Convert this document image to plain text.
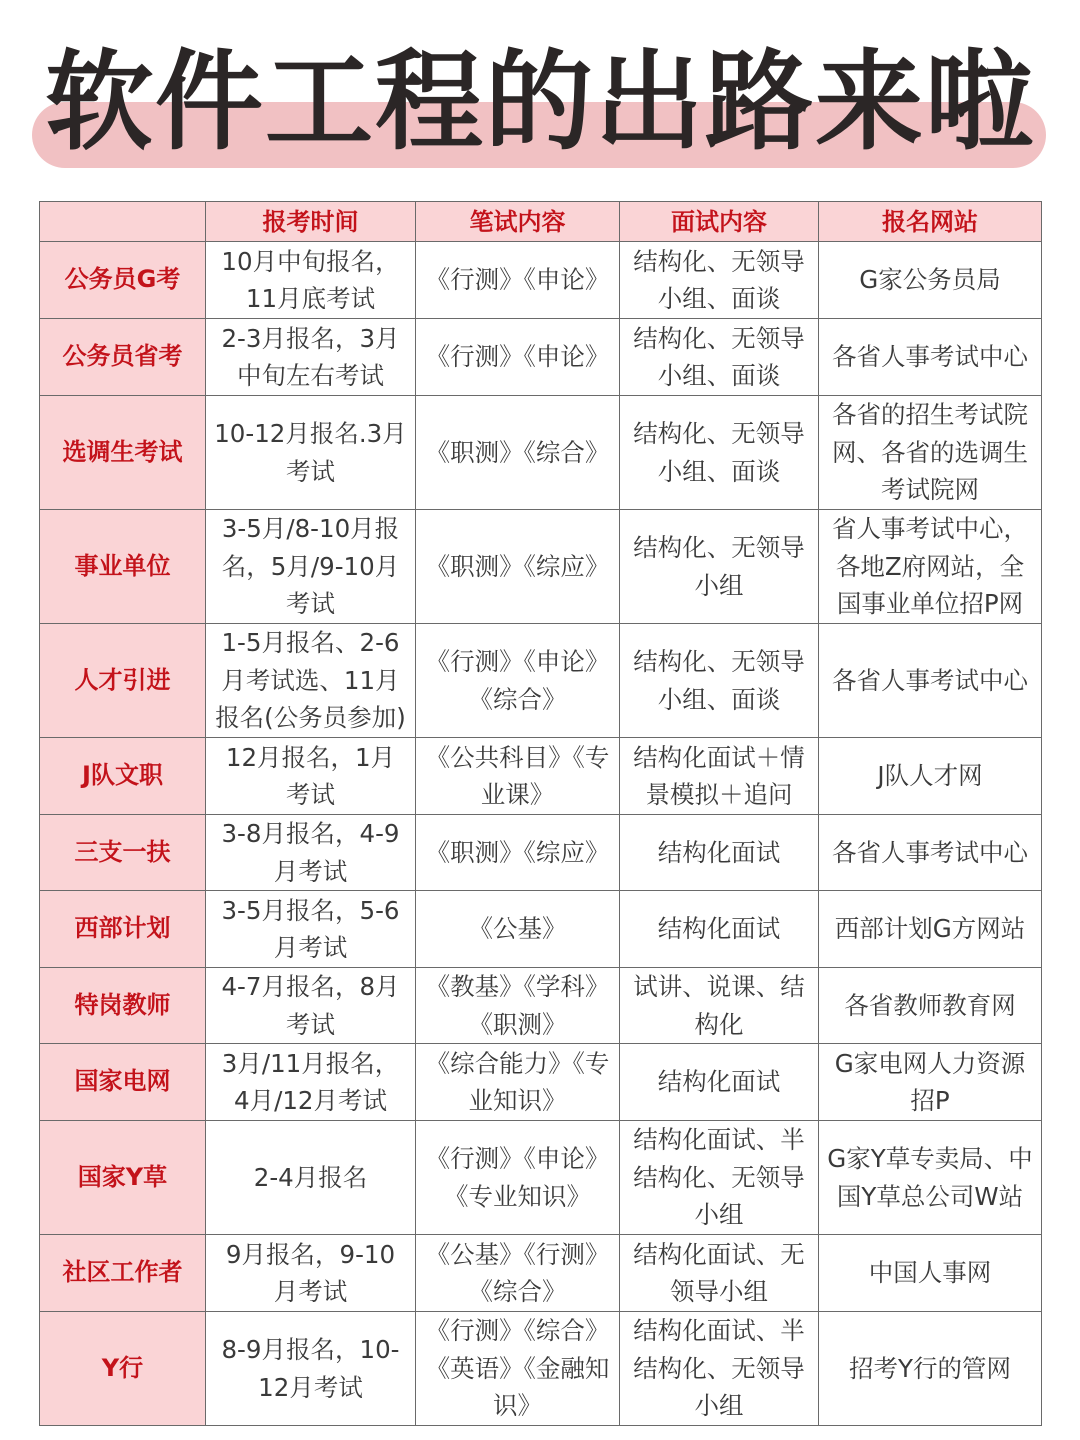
软件工程的出路来啦
	报考时间	笔试内容	面试内容	报名网站

公务员G考	10月中旬报名，11月底考试	《行测》《申论》	结构化、无领导小组、面谈	G家公务员局

公务员省考	2-3月报名，3月中旬左右考试	《行测》《申论》	结构化、无领导小组、面谈	各省人事考试中心

选调生考试	10-12月报名.3月考试	《职测》《综合》	结构化、无领导小组、面谈	各省的招生考试院网、各省的选调生考试院网

事业单位	3-5月/8-10月报名，5月/9-10月考试	《职测》《综应》	结构化、无领导小组	省人事考试中心，各地Z府网站，全国事业单位招P网

人才引进	1-5月报名、2-6月考试选、11月报名(公务员参加)	《行测》《申论》《综合》	结构化、无领导小组、面谈	各省人事考试中心

J队文职	12月报名，1月考试	《公共科目》《专业课》	结构化面试＋情景模拟＋追问	J队人才网

三支一扶	3-8月报名，4-9月考试	《职测》《综应》	结构化面试	各省人事考试中心

西部计划	3-5月报名，5-6月考试	《公基》	结构化面试	西部计划G方网站

特岗教师	4-7月报名，8月考试	《教基》《学科》《职测》	试讲、说课、结构化	各省教师教育网

国家电网	3月/11月报名，4月/12月考试	《综合能力》《专业知识》	结构化面试	G家电网人力资源招P

国家Y草	2-4月报名	《行测》《申论》《专业知识》	结构化面试、半结构化、无领导小组	G家Y草专卖局、中国Y草总公司W站

社区工作者	9月报名，9-10月考试	《公基》《行测》《综合》	结构化面试、无领导小组	中国人事网

Y行	8-9月报名，10-12月考试	《行测》《综合》《英语》《金融知识》	结构化面试、半结构化、无领导小组	招考Y行的管网
